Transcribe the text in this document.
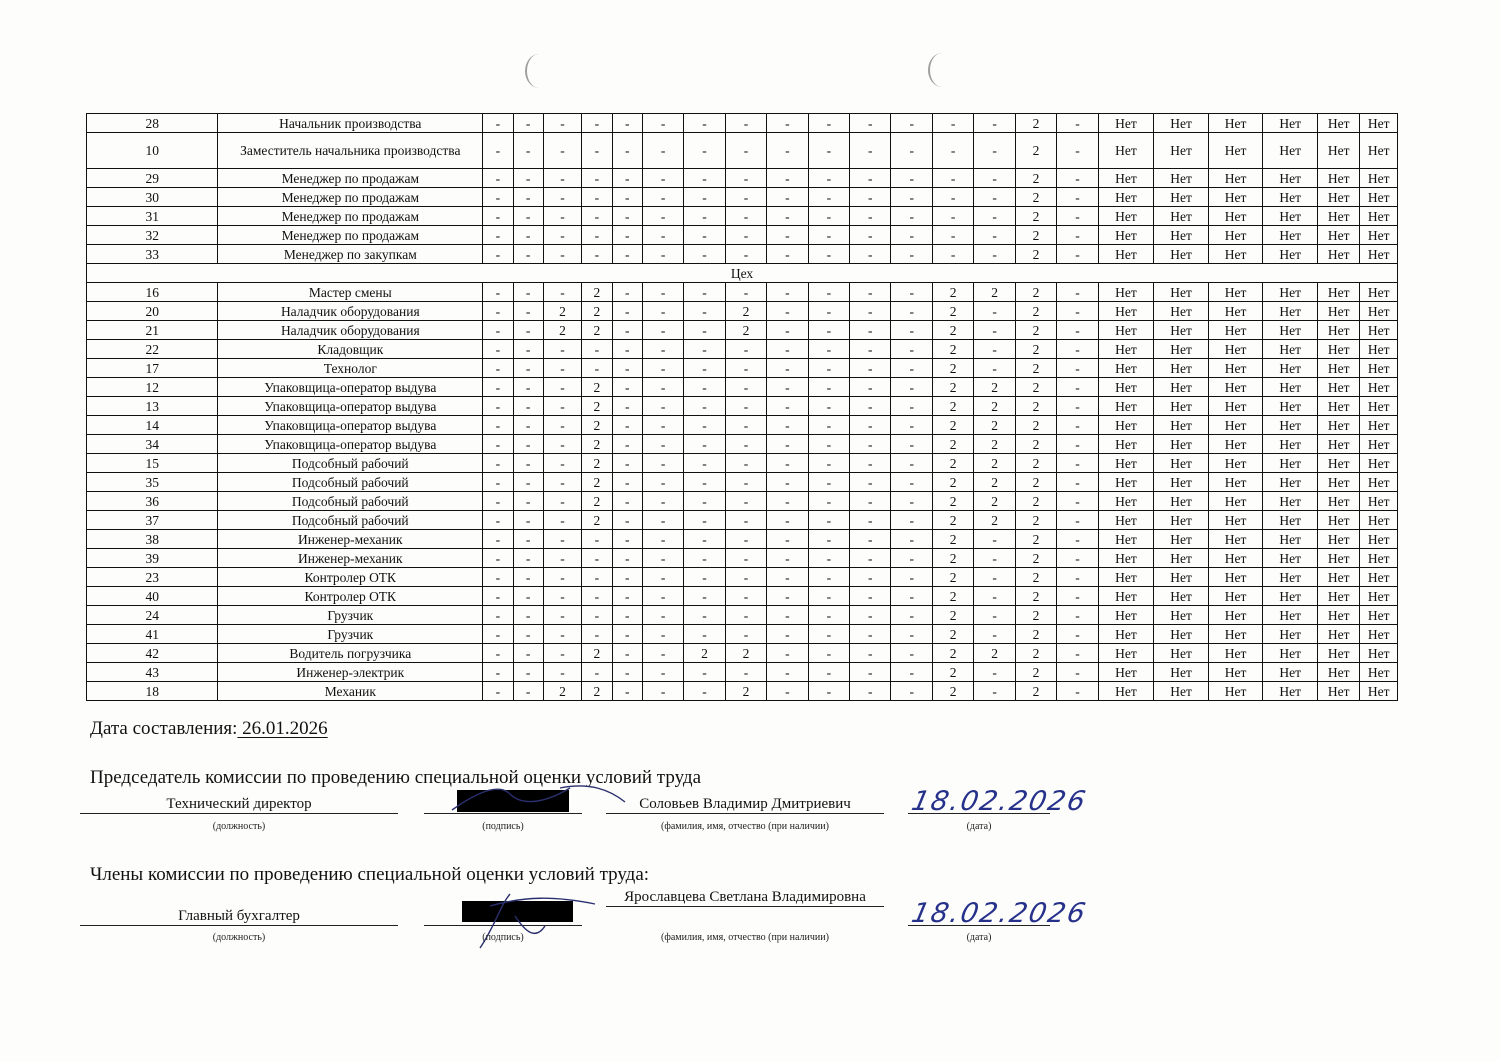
28	Начальник производства	-	-	-	-	-	-	-	-	-	-	-	-	-	-	2	-	Нет	Нет	Нет	Нет	Нет	Нет
10	Заместитель начальника производства	-	-	-	-	-	-	-	-	-	-	-	-	-	-	2	-	Нет	Нет	Нет	Нет	Нет	Нет
29	Менеджер по продажам	-	-	-	-	-	-	-	-	-	-	-	-	-	-	2	-	Нет	Нет	Нет	Нет	Нет	Нет
30	Менеджер по продажам	-	-	-	-	-	-	-	-	-	-	-	-	-	-	2	-	Нет	Нет	Нет	Нет	Нет	Нет
31	Менеджер по продажам	-	-	-	-	-	-	-	-	-	-	-	-	-	-	2	-	Нет	Нет	Нет	Нет	Нет	Нет
32	Менеджер по продажам	-	-	-	-	-	-	-	-	-	-	-	-	-	-	2	-	Нет	Нет	Нет	Нет	Нет	Нет
33	Менеджер по закупкам	-	-	-	-	-	-	-	-	-	-	-	-	-	-	2	-	Нет	Нет	Нет	Нет	Нет	Нет
Цех																							
16	Мастер смены	-	-	-	2	-	-	-	-	-	-	-	-	2	2	2	-	Нет	Нет	Нет	Нет	Нет	Нет
20	Наладчик оборудования	-	-	2	2	-	-	-	2	-	-	-	-	2	-	2	-	Нет	Нет	Нет	Нет	Нет	Нет
21	Наладчик оборудования	-	-	2	2	-	-	-	2	-	-	-	-	2	-	2	-	Нет	Нет	Нет	Нет	Нет	Нет
22	Кладовщик	-	-	-	-	-	-	-	-	-	-	-	-	2	-	2	-	Нет	Нет	Нет	Нет	Нет	Нет
17	Технолог	-	-	-	-	-	-	-	-	-	-	-	-	2	-	2	-	Нет	Нет	Нет	Нет	Нет	Нет
12	Упаковщица-оператор выдува	-	-	-	2	-	-	-	-	-	-	-	-	2	2	2	-	Нет	Нет	Нет	Нет	Нет	Нет
13	Упаковщица-оператор выдува	-	-	-	2	-	-	-	-	-	-	-	-	2	2	2	-	Нет	Нет	Нет	Нет	Нет	Нет
14	Упаковщица-оператор выдува	-	-	-	2	-	-	-	-	-	-	-	-	2	2	2	-	Нет	Нет	Нет	Нет	Нет	Нет
34	Упаковщица-оператор выдува	-	-	-	2	-	-	-	-	-	-	-	-	2	2	2	-	Нет	Нет	Нет	Нет	Нет	Нет
15	Подсобный рабочий	-	-	-	2	-	-	-	-	-	-	-	-	2	2	2	-	Нет	Нет	Нет	Нет	Нет	Нет
35	Подсобный рабочий	-	-	-	2	-	-	-	-	-	-	-	-	2	2	2	-	Нет	Нет	Нет	Нет	Нет	Нет
36	Подсобный рабочий	-	-	-	2	-	-	-	-	-	-	-	-	2	2	2	-	Нет	Нет	Нет	Нет	Нет	Нет
37	Подсобный рабочий	-	-	-	2	-	-	-	-	-	-	-	-	2	2	2	-	Нет	Нет	Нет	Нет	Нет	Нет
38	Инженер-механик	-	-	-	-	-	-	-	-	-	-	-	-	2	-	2	-	Нет	Нет	Нет	Нет	Нет	Нет
39	Инженер-механик	-	-	-	-	-	-	-	-	-	-	-	-	2	-	2	-	Нет	Нет	Нет	Нет	Нет	Нет
23	Контролер ОТК	-	-	-	-	-	-	-	-	-	-	-	-	2	-	2	-	Нет	Нет	Нет	Нет	Нет	Нет
40	Контролер ОТК	-	-	-	-	-	-	-	-	-	-	-	-	2	-	2	-	Нет	Нет	Нет	Нет	Нет	Нет
24	Грузчик	-	-	-	-	-	-	-	-	-	-	-	-	2	-	2	-	Нет	Нет	Нет	Нет	Нет	Нет
41	Грузчик	-	-	-	-	-	-	-	-	-	-	-	-	2	-	2	-	Нет	Нет	Нет	Нет	Нет	Нет
42	Водитель погрузчика	-	-	-	2	-	-	2	2	-	-	-	-	2	2	2	-	Нет	Нет	Нет	Нет	Нет	Нет
43	Инженер-электрик	-	-	-	-	-	-	-	-	-	-	-	-	2	-	2	-	Нет	Нет	Нет	Нет	Нет	Нет
18	Механик	-	-	2	2	-	-	-	2	-	-	-	-	2	-	2	-	Нет	Нет	Нет	Нет	Нет	Нет
Дата составления: 26.01.2026
Председатель комиссии по проведению специальной оценки условий труда
Технический директор	Соловьев Владимир Дмитриевич	18.02.2026
(должность)	(подпись)	(фамилия, имя, отчество (при наличии)	(дата)
Члены комиссии по проведению специальной оценки условий труда:
Главный бухгалтер
Ярославцева Светлана Владимировна
18.02.2026
(должность)	(подпись)	(фамилия, имя, отчество (при наличии)	(дата)
